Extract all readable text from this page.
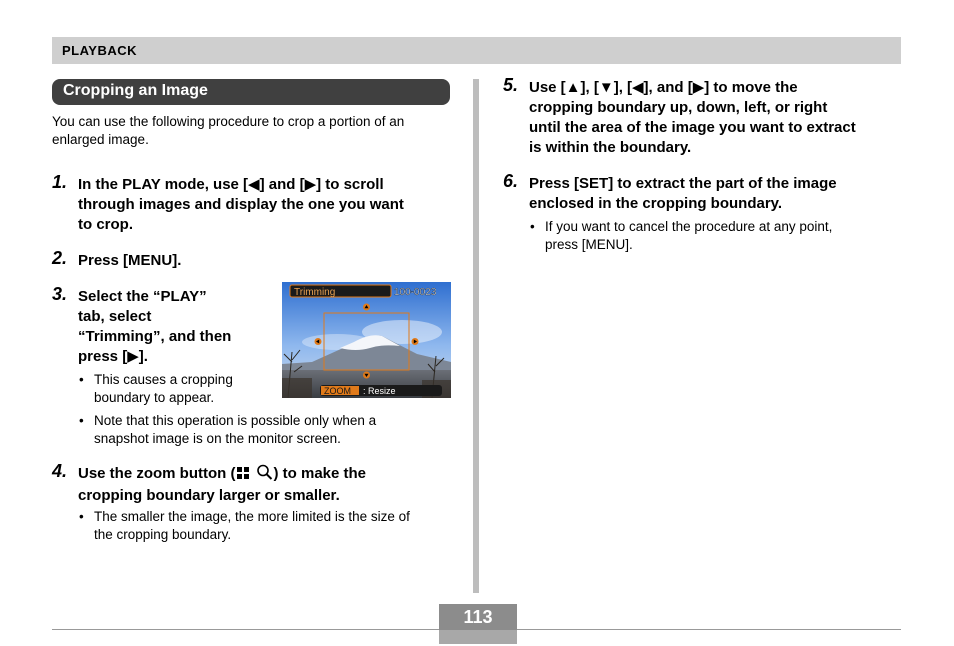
PLAYBACK
Cropping an Image
You can use the following procedure to crop a portion of an enlarged image.
1. In the PLAY mode, use [◀] and [▶] to scroll
through images and display the one you want
to crop.
2. Press [MENU].
3. Select the “PLAY”
tab, select
“Trimming”, and then
press [▶].
• This causes a cropping
boundary to appear.
• Note that this operation is possible only when a
snapshot image is on the monitor screen.
Trimming	100-0023
ZOOM : Resize
4. Use the zoom button (	) to make the
cropping boundary larger or smaller.
• The smaller the image, the more limited is the size of
the cropping boundary.
5. Use [▲], [▼], [◀], and [▶] to move the
cropping boundary up, down, left, or right
until the area of the image you want to extract
is within the boundary.
6. Press [SET] to extract the part of the image
enclosed in the cropping boundary.
• If you want to cancel the procedure at any point,
press [MENU].
113
